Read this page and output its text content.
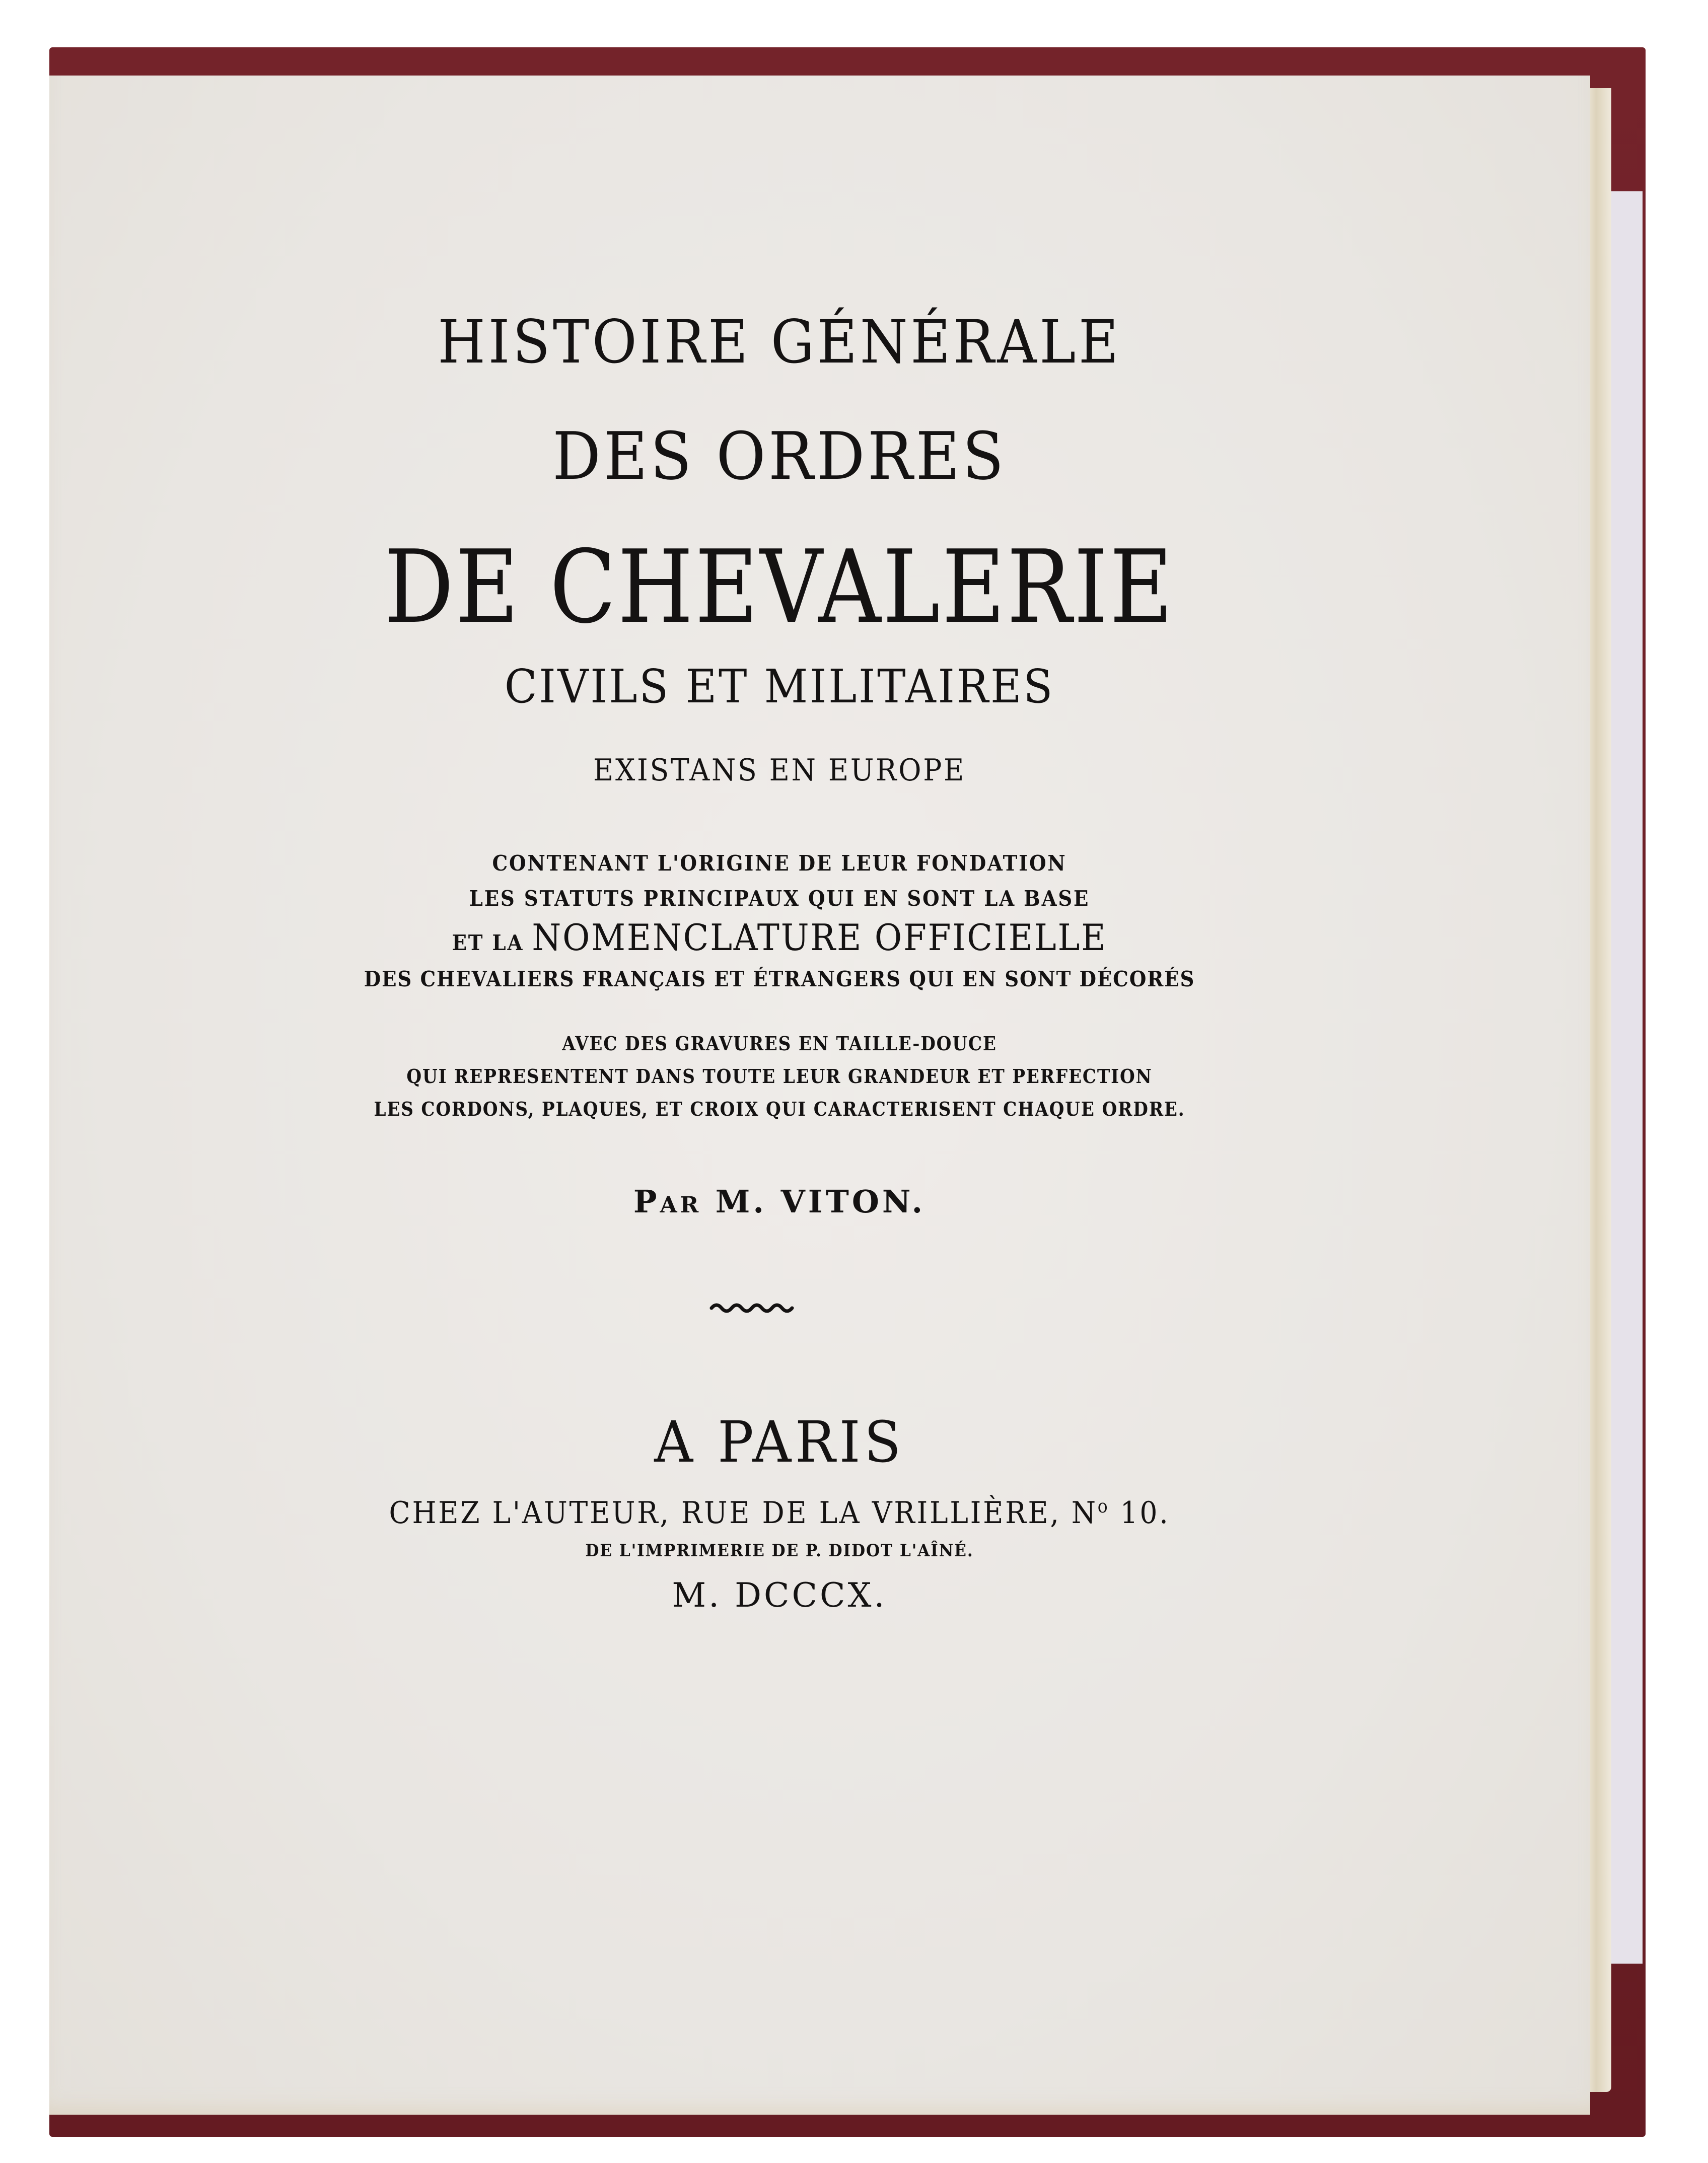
HISTOIRE GÉNÉRALE
DES ORDRES
DE CHEVALERIE
CIVILS ET MILITAIRES
EXISTANS EN EUROPE
CONTENANT L'ORIGINE DE LEUR FONDATION
LES STATUTS PRINCIPAUX QUI EN SONT LA BASE
ET LA NOMENCLATURE OFFICIELLE
DES CHEVALIERS FRANÇAIS ET ÉTRANGERS QUI EN SONT DÉCORÉS
AVEC DES GRAVURES EN TAILLE-DOUCE
QUI REPRESENTENT DANS TOUTE LEUR GRANDEUR ET PERFECTION
LES CORDONS, PLAQUES, ET CROIX QUI CARACTERISENT CHAQUE ORDRE.
PAR M. VITON.
A PARIS
CHEZ L'AUTEUR, RUE DE LA VRILLIÈRE, $N^o$ 10.
DE L'IMPRIMERIE DE P. DIDOT L'AÎNÉ.
M. DCCCX.
